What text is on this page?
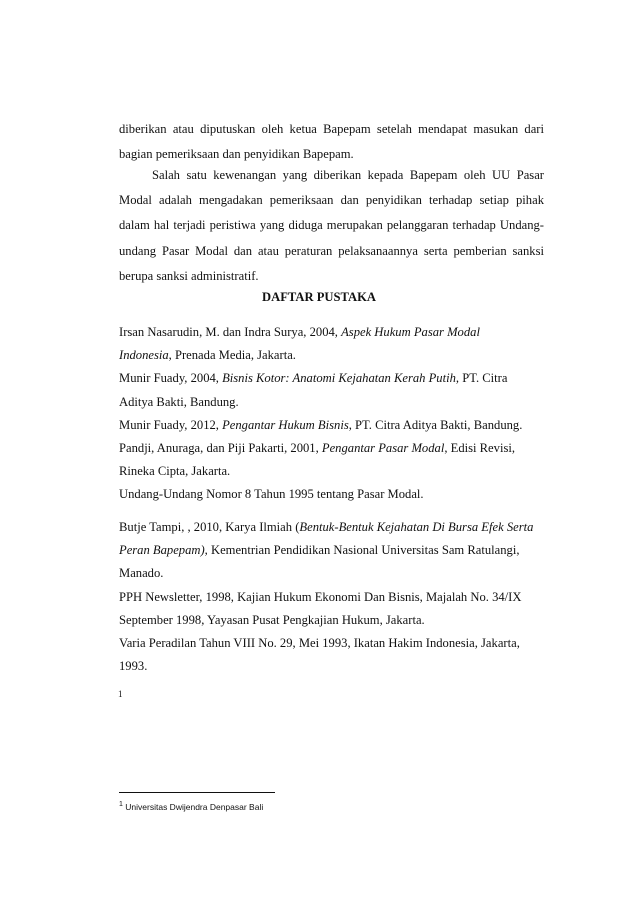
diberikan atau diputuskan oleh ketua Bapepam setelah mendapat masukan dari bagian pemeriksaan dan penyidikan Bapepam.

Salah satu kewenangan yang diberikan kepada Bapepam oleh UU Pasar Modal adalah mengadakan pemeriksaan dan penyidikan terhadap setiap pihak dalam hal terjadi peristiwa yang diduga merupakan pelanggaran terhadap Undang-undang Pasar Modal dan atau peraturan pelaksanaannya serta pemberian sanksi berupa sanksi administratif.

DAFTAR PUSTAKA

Irsan Nasarudin, M. dan Indra Surya, 2004, Aspek Hukum Pasar Modal

Indonesia, Prenada Media, Jakarta.

Munir Fuady, 2004, Bisnis Kotor: Anatomi Kejahatan Kerah Putih, PT. Citra

Aditya Bakti, Bandung.

Munir Fuady, 2012, Pengantar Hukum Bisnis, PT. Citra Aditya Bakti, Bandung.

Pandji, Anuraga, dan Piji Pakarti, 2001, Pengantar Pasar Modal, Edisi Revisi,

Rineka Cipta, Jakarta.

Undang-Undang Nomor 8 Tahun 1995 tentang Pasar Modal.

Butje Tampi, , 2010, Karya Ilmiah (Bentuk-Bentuk Kejahatan Di Bursa Efek Serta

Peran Bapepam), Kementrian Pendidikan Nasional Universitas Sam Ratulangi,

Manado.

PPH Newsletter, 1998, Kajian Hukum Ekonomi Dan Bisnis, Majalah No. 34/IX

September 1998, Yayasan Pusat Pengkajian Hukum, Jakarta.

Varia Peradilan Tahun VIII No. 29, Mei 1993, Ikatan Hakim Indonesia, Jakarta,

1993.

1
$^1$ Universitas Dwijendra Denpasar Bali
